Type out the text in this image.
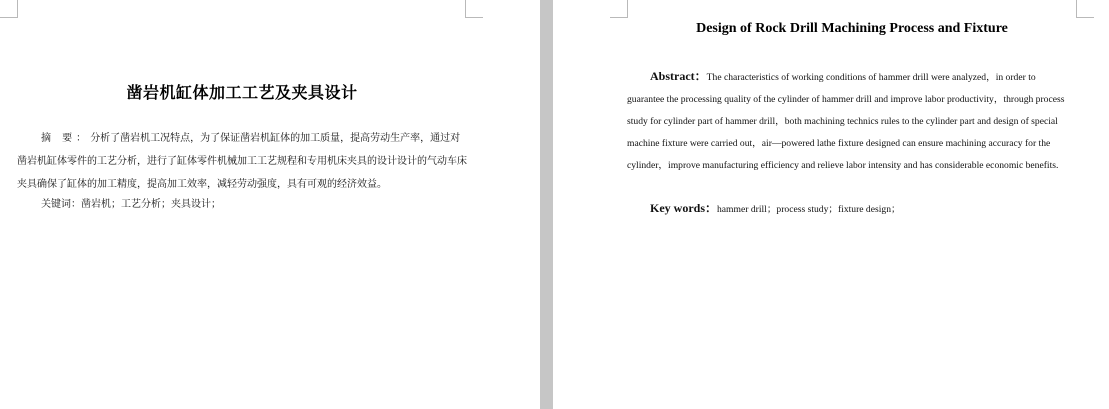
凿岩机缸体加工工艺及夹具设计

摘 要：分析了凿岩机工况特点，为了保证凿岩机缸体的加工质量，提高劳动生产率，通过对凿岩机缸体零件的工艺分析，进行了缸体零件机械加工工艺规程和专用机床夹具的设计设计的气动车床夹具确保了缸体的加工精度，提高加工效率，减轻劳动强度，具有可观的经济效益。

关键词：凿岩机；工艺分析；夹具设计；

Design of Rock Drill Machining Process and Fixture

Abstract：The characteristics of working conditions of hammer drill were analyzed，in order to guarantee the processing quality of the cylinder of hammer drill and improve labor productivity，through process study for cylinder part of hammer drill，both machining technics rules to the cylinder part and design of special machine fixture were carried out，air—powered lathe fixture designed can ensure machining accuracy for the cylinder，improve manufacturing efficiency and relieve labor intensity and has considerable economic benefits.

Key words：hammer drill；process study；fixture design；
